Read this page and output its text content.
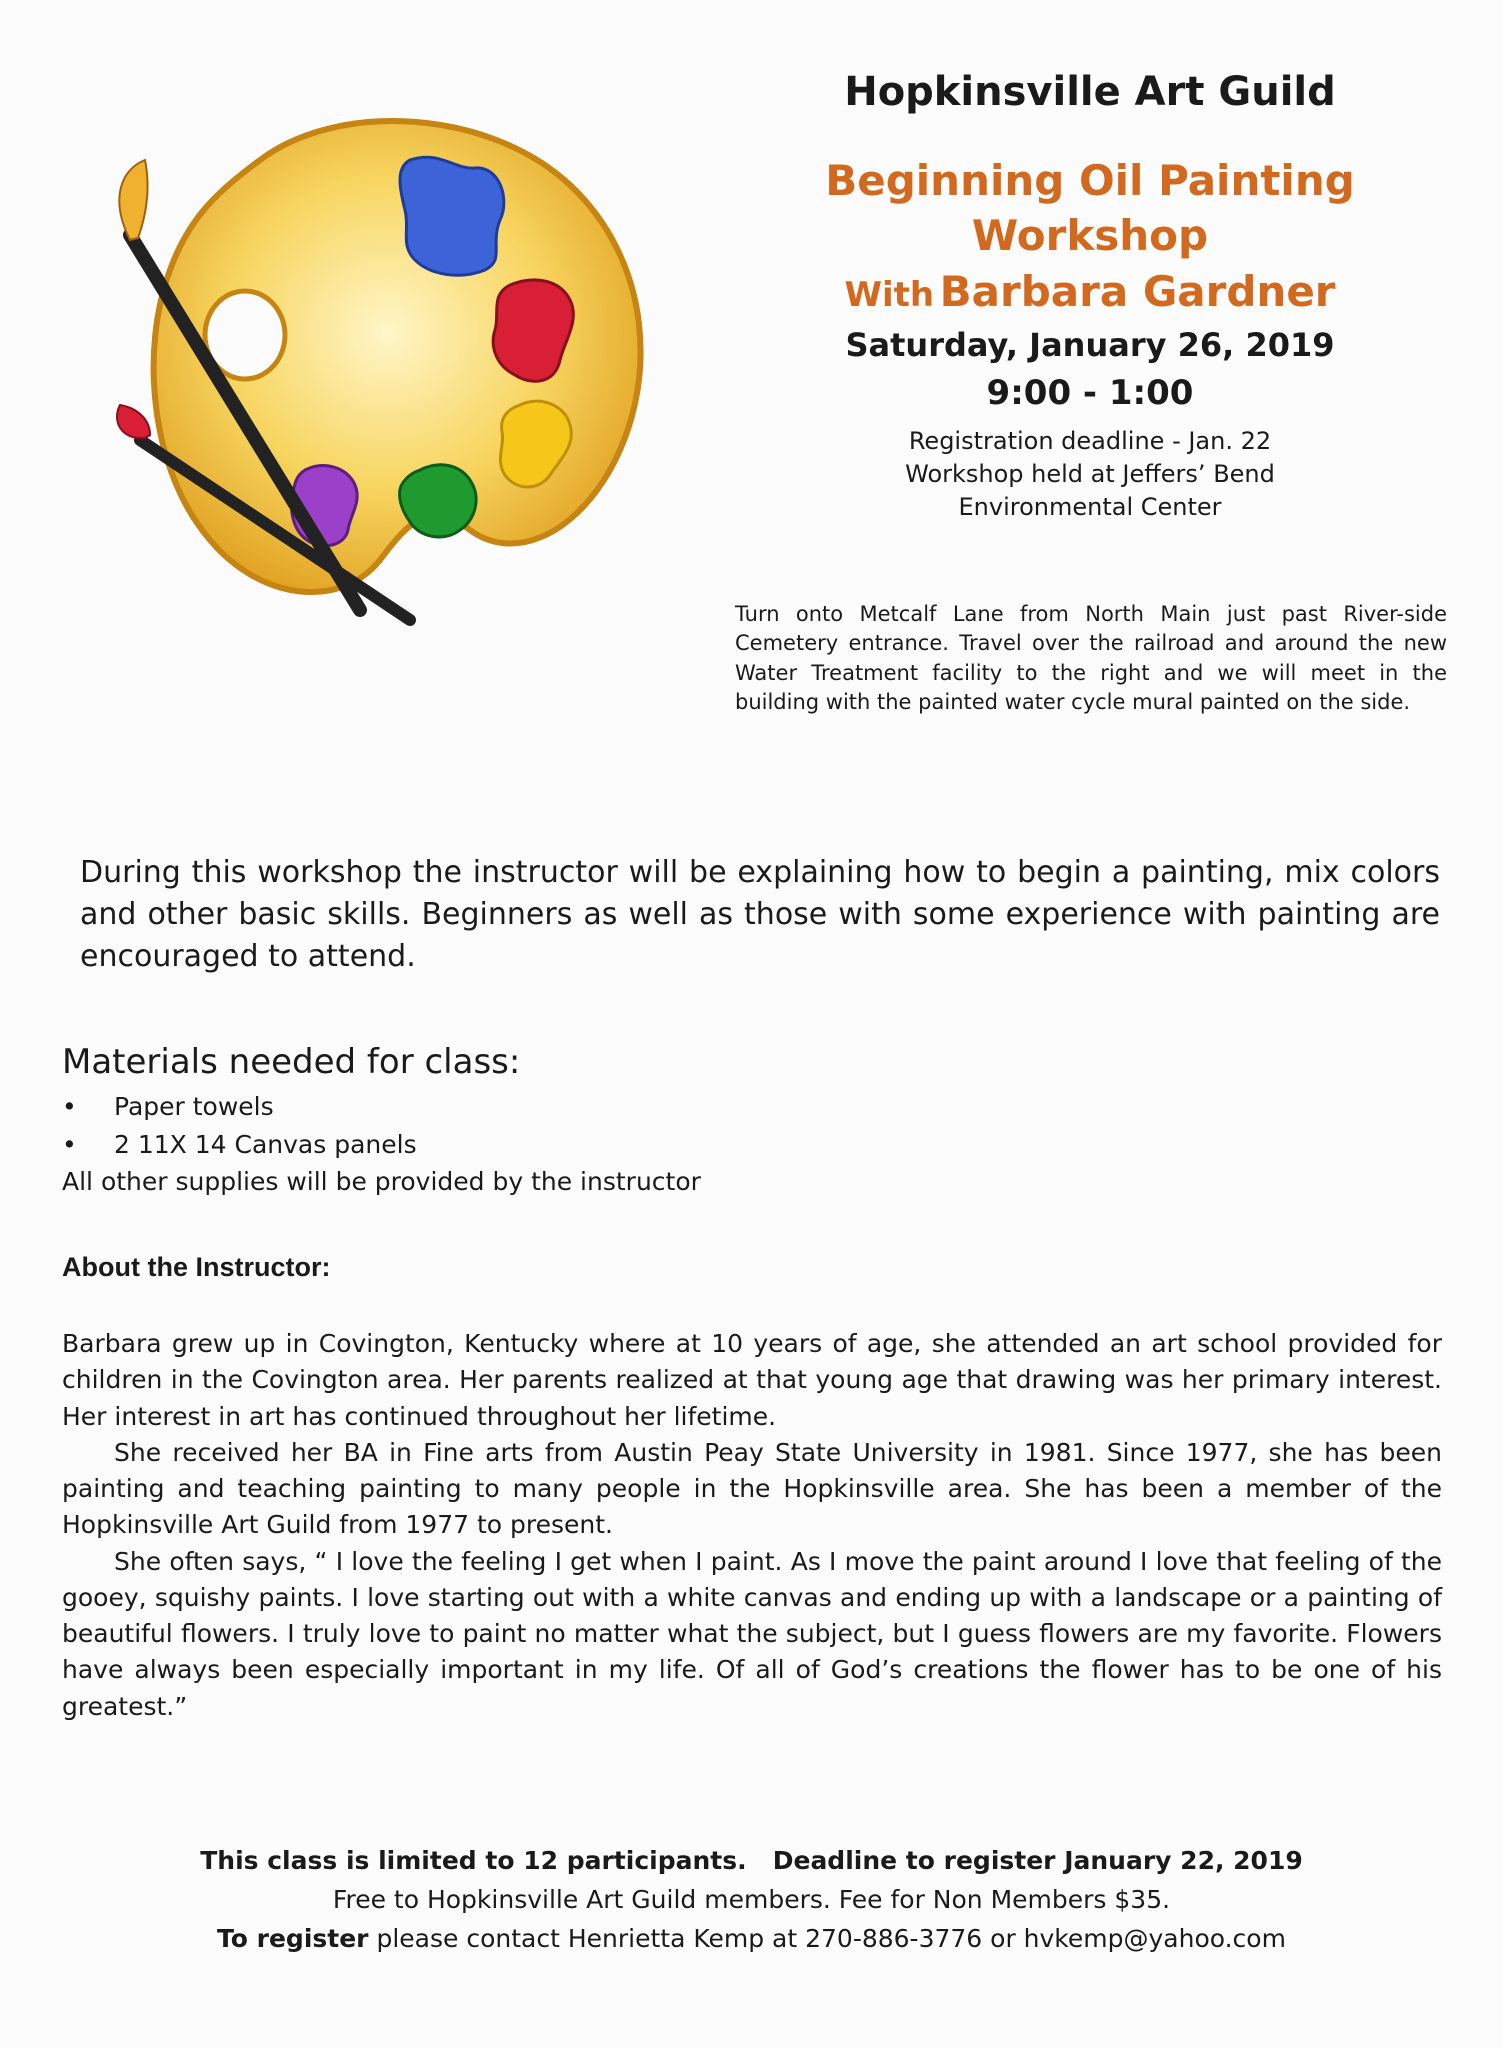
Hopkinsville Art Guild
Beginning Oil Painting
Workshop
With Barbara Gardner
Saturday, January 26, 2019
9:00 - 1:00
Registration deadline - Jan. 22
Workshop held at Jeffers’ Bend
Environmental Center
Turn onto Metcalf Lane from North Main just past River-side Cemetery entrance. Travel over the railroad and around the new Water Treatment facility to the right and we will meet in the building with the painted water cycle mural painted on the side.
During this workshop the instructor will be explaining how to begin a painting, mix colors and other basic skills. Beginners as well as those with some experience with painting are encouraged to attend.
Materials needed for class:
• Paper towels
• 2 11X 14 Canvas panels
All other supplies will be provided by the instructor
About the Instructor:

Barbara grew up in Covington, Kentucky where at 10 years of age, she attended an art school provided for children in the Covington area. Her parents realized at that young age that drawing was her primary interest. Her interest in art has continued throughout her lifetime.

She received her BA in Fine arts from Austin Peay State University in 1981. Since 1977, she has been painting and teaching painting to many people in the Hopkinsville area. She has been a member of the Hopkinsville Art Guild from 1977 to present.

She often says, “ I love the feeling I get when I paint. As I move the paint around I love that feeling of the gooey, squishy paints. I love starting out with a white canvas and ending up with a landscape or a painting of beautiful flowers. I truly love to paint no matter what the subject, but I guess flowers are my favorite. Flowers have always been especially important in my life. Of all of God’s creations the flower has to be one of his greatest.”

This class is limited to 12 participants. Deadline to register January 22, 2019
Free to Hopkinsville Art Guild members. Fee for Non Members $35.
To register please contact Henrietta Kemp at 270-886-3776 or hvkemp@yahoo.com
